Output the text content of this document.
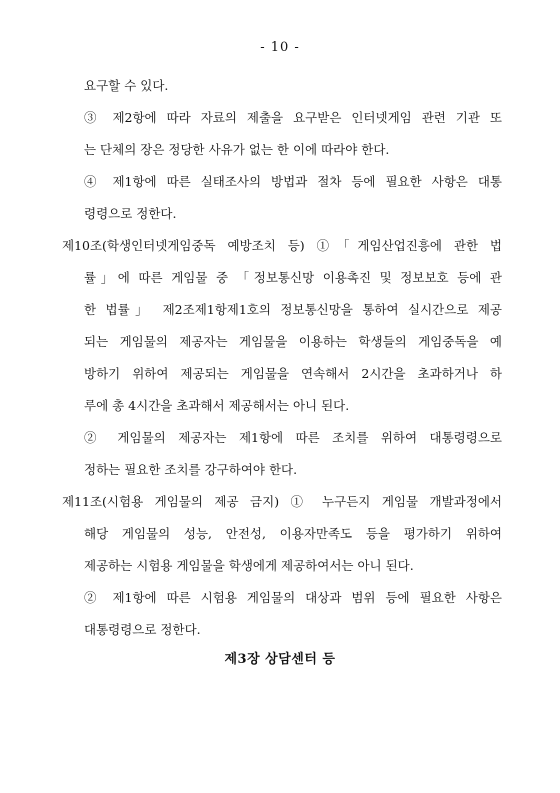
- 10 -
요구할 수 있다.
③ 제2항에 따라 자료의 제출을 요구받은 인터넷게임 관련 기관 또
는 단체의 장은 정당한 사유가 없는 한 이에 따라야 한다.
④ 제1항에 따른 실태조사의 방법과 절차 등에 필요한 사항은 대통
령령으로 정한다.
제10조(학생인터넷게임중독 예방조치 등) ①「게임산업진흥에 관한 법
률」에 따른 게임물 중 「정보통신망 이용촉진 및 정보보호 등에 관
한 법률」 제2조제1항제1호의 정보통신망을 통하여 실시간으로 제공
되는 게임물의 제공자는 게임물을 이용하는 학생들의 게임중독을 예
방하기 위하여 제공되는 게임물을 연속해서 2시간을 초과하거나 하
루에 총 4시간을 초과해서 제공해서는 아니 된다.
② 게임물의 제공자는 제1항에 따른 조치를 위하여 대통령령으로
정하는 필요한 조치를 강구하여야 한다.
제11조(시험용 게임물의 제공 금지) ① 누구든지 게임물 개발과정에서
해당 게임물의 성능, 안전성, 이용자만족도 등을 평가하기 위하여
제공하는 시험용 게임물을 학생에게 제공하여서는 아니 된다.
② 제1항에 따른 시험용 게임물의 대상과 범위 등에 필요한 사항은
대통령령으로 정한다.
제3장 상담센터 등
